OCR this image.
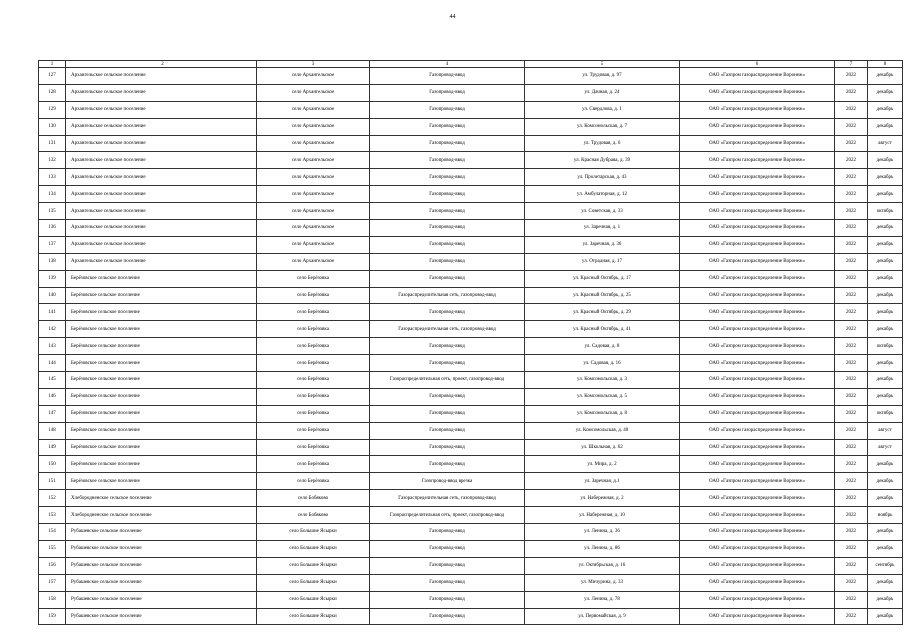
44
1	2	3	4	5	6	7	8
127	Архангельское сельское поселение	село Архангельское	Газопровод-ввод	ул. Трудовая, д. 97	ОАО «Газпром газораспределение Воронеж»	2022	декабрь
128	Архангельское сельское поселение	село Архангельское	Газопровод-ввод	ул. Дачная, д. 24	ОАО «Газпром газораспределение Воронеж»	2022	декабрь
129	Архангельское сельское поселение	село Архангельское	Газопровод-ввод	ул. Свердлова, д. 1	ОАО «Газпром газораспределение Воронеж»	2022	декабрь
130	Архангельское сельское поселение	село Архангельское	Газопровод-ввод	ул. Комсомольская, д. 7	ОАО «Газпром газораспределение Воронеж»	2022	декабрь
131	Архангельское сельское поселение	село Архангельское	Газопровод-ввод	ул. Трудовая, д. 6	ОАО «Газпром газораспределение Воронеж»	2022	август
132	Архангельское сельское поселение	село Архангельское	Газопровод-ввод	ул. Красная Дубрава, д. 39	ОАО «Газпром газораспределение Воронеж»	2022	декабрь
133	Архангельское сельское поселение	село Архангельское	Газопровод-ввод	ул. Пролетарская, д. 43	ОАО «Газпром газораспределение Воронеж»	2022	декабрь
134	Архангельское сельское поселение	село Архангельское	Газопровод-ввод	ул. Амбулаторная, д. 12	ОАО «Газпром газораспределение Воронеж»	2022	декабрь
135	Архангельское сельское поселение	село Архангельское	Газопровод-ввод	ул. Советская, д. 33	ОАО «Газпром газораспределение Воронеж»	2022	октябрь
136	Архангельское сельское поселение	село Архангельское	Газопровод-ввод	ул. Заречная, д. 1	ОАО «Газпром газораспределение Воронеж»	2022	декабрь
137	Архангельское сельское поселение	село Архангельское	Газопровод-ввод	ул. Заречная, д. 36	ОАО «Газпром газораспределение Воронеж»	2022	декабрь
138	Архангельское сельское поселение	село Архангельское	Газопровод-ввод	ул. Отрадная, д. 17	ОАО «Газпром газораспределение Воронеж»	2022	декабрь
139	Берёзовское сельское поселение	село Берёзовка	Газопровод-ввод	ул. Красный Октябрь, д. 17	ОАО «Газпром газораспределение Воронеж»	2022	декабрь
140	Берёзовское сельское поселение	село Берёзовка	Газораспределительная сеть, газопровод-ввод	ул. Красный Октябрь, д. 25	ОАО «Газпром газораспределение Воронеж»	2022	декабрь
141	Берёзовское сельское поселение	село Берёзовка	Газопровод-ввод	ул. Красный Октябрь, д. 29	ОАО «Газпром газораспределение Воронеж»	2022	декабрь
142	Берёзовское сельское поселение	село Берёзовка	Газораспределительная сеть, газопровод-ввод	ул. Красный Октябрь, д. 41	ОАО «Газпром газораспределение Воронеж»	2022	декабрь
143	Берёзовское сельское поселение	село Берёзовка	Газопровод-ввод	ул. Садовая, д. 8	ОАО «Газпром газораспределение Воронеж»	2022	октябрь
144	Берёзовское сельское поселение	село Берёзовка	Газопровод-ввод	ул. Садовая, д. 16	ОАО «Газпром газораспределение Воронеж»	2022	декабрь
145	Берёзовское сельское поселение	село Берёзовка	Газораспределительная сеть, проект, газопровод-ввод	ул. Комсомольская, д. 3	ОАО «Газпром газораспределение Воронеж»	2022	декабрь
146	Берёзовское сельское поселение	село Берёзовка	Газопровод-ввод	ул. Комсомольская, д. 5	ОАО «Газпром газораспределение Воронеж»	2022	декабрь
147	Берёзовское сельское поселение	село Берёзовка	Газопровод-ввод	ул. Комсомольская, д. 8	ОАО «Газпром газораспределение Воронеж»	2022	октябрь
148	Берёзовское сельское поселение	село Берёзовка	Газопровод-ввод	ул. Комсомольская, д. 40	ОАО «Газпром газораспределение Воронеж»	2022	август
149	Берёзовское сельское поселение	село Берёзовка	Газопровод-ввод	ул. Школьная, д. 62	ОАО «Газпром газораспределение Воронеж»	2022	август
150	Берёзовское сельское поселение	село Берёзовка	Газопровод-ввод	ул. Мира, д. 2	ОАО «Газпром газораспределение Воронеж»	2022	декабрь
151	Берёзовское сельское поселение	село Берёзовка	Газопровод-ввод врезка	ул. Заречная, д.1	ОАО «Газпром газораспределение Воронеж»	2022	декабрь
152	Хлебородненское сельское поселение	село Бобяково	Газораспределительная сеть, газопровод-ввод	ул. Набережная, д. 2	ОАО «Газпром газораспределение Воронеж»	2022	декабрь
153	Хлебородненское сельское поселение	село Бобяково	Газораспределительная сеть, проект, газопровод-ввод	ул. Набережная, д. 10	ОАО «Газпром газораспределение Воронеж»	2022	ноябрь
154	Рубашевское сельское поселение	село Большие Ясырки	Газопровод-ввод	ул. Ленина, д. 36	ОАО «Газпром газораспределение Воронеж»	2022	декабрь
155	Рубашевское сельское поселение	село Большие Ясырки	Газопровод-ввод	ул. Ленина, д. 86	ОАО «Газпром газораспределение Воронеж»	2022	декабрь
156	Рубашевское сельское поселение	село Большие Ясырки	Газопровод-ввод	ул. Октябрьская, д. 16	ОАО «Газпром газораспределение Воронеж»	2022	сентябрь
157	Рубашевское сельское поселение	село Большие Ясырки	Газопровод-ввод	ул. Мичурина, д. 33	ОАО «Газпром газораспределение Воронеж»	2022	декабрь
158	Рубашевское сельское поселение	село Большие Ясырки	Газопровод-ввод	ул. Ленина, д. 78	ОАО «Газпром газораспределение Воронеж»	2022	декабрь
159	Рубашевское сельское поселение	село Большие Ясырки	Газопровод-ввод	ул. Первомайская, д. 9	ОАО «Газпром газораспределение Воронеж»	2022	декабрь
